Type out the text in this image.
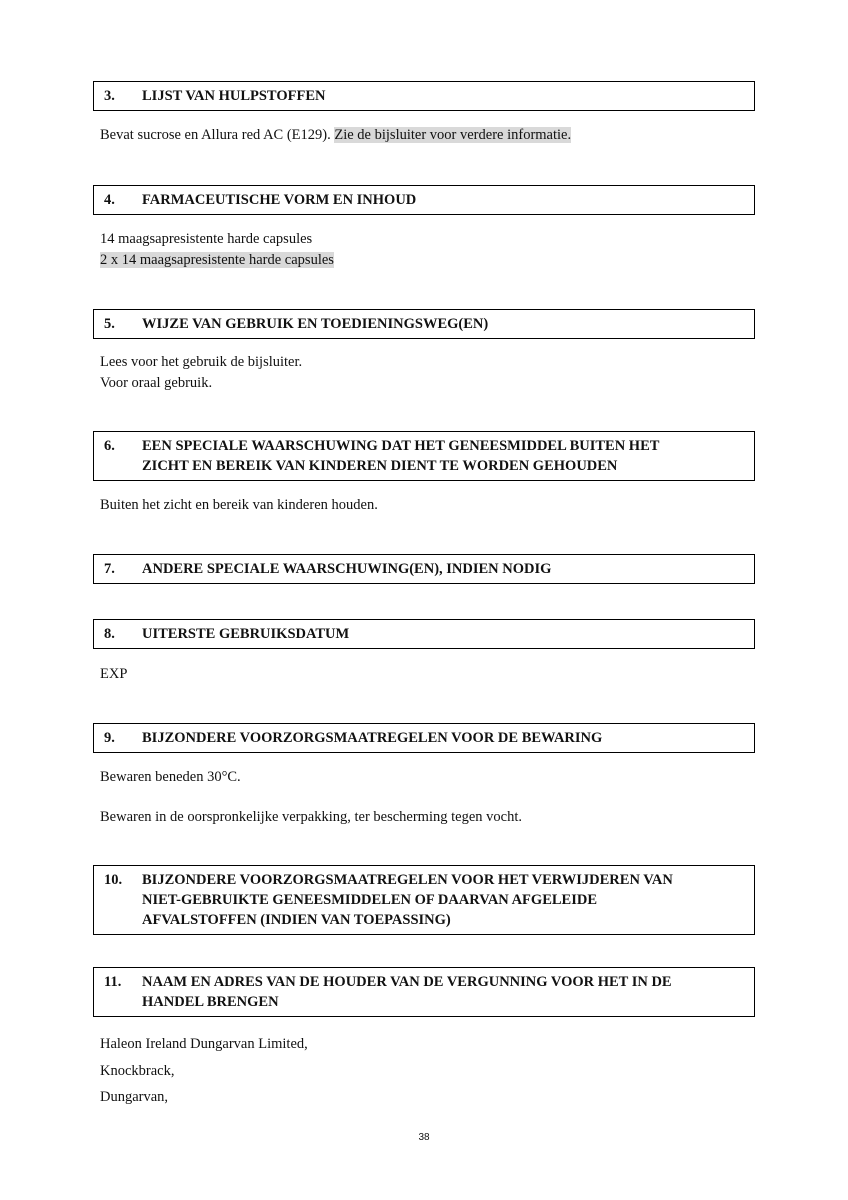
3.	LIJST VAN HULPSTOFFEN
Bevat sucrose en Allura red AC (E129). Zie de bijsluiter voor verdere informatie.
4.	FARMACEUTISCHE VORM EN INHOUD
14 maagsapresistente harde capsules
2 x 14 maagsapresistente harde capsules
5.	WIJZE VAN GEBRUIK EN TOEDIENINGSWEG(EN)
Lees voor het gebruik de bijsluiter.
Voor oraal gebruik.
6.	EEN SPECIALE WAARSCHUWING DAT HET GENEESMIDDEL BUITEN HET
ZICHT EN BEREIK VAN KINDEREN DIENT TE WORDEN GEHOUDEN
Buiten het zicht en bereik van kinderen houden.
7.	ANDERE SPECIALE WAARSCHUWING(EN), INDIEN NODIG
8.	UITERSTE GEBRUIKSDATUM
EXP
9.	BIJZONDERE VOORZORGSMAATREGELEN VOOR DE BEWARING
Bewaren beneden 30°C.
Bewaren in de oorspronkelijke verpakking, ter bescherming tegen vocht.
10.	BIJZONDERE VOORZORGSMAATREGELEN VOOR HET VERWIJDEREN VAN
NIET-GEBRUIKTE GENEESMIDDELEN OF DAARVAN AFGELEIDE
AFVALSTOFFEN (INDIEN VAN TOEPASSING)
11.	NAAM EN ADRES VAN DE HOUDER VAN DE VERGUNNING VOOR HET IN DE
HANDEL BRENGEN
Haleon Ireland Dungarvan Limited,
Knockbrack,
Dungarvan,
38
